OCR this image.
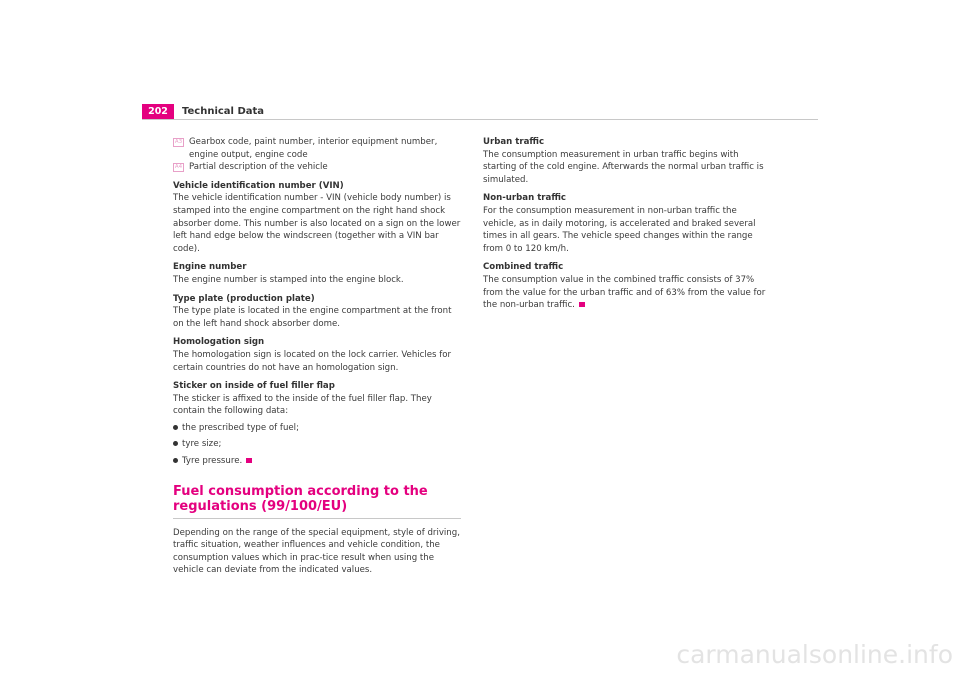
202	Technical Data
A3 Gearbox code, paint number, interior equipment number, engine output, engine code
A4 Partial description of the vehicle

Vehicle identification number (VIN)

The vehicle identification number - VIN (vehicle body number) is stamped into the engine compartment on the right hand shock absorber dome. This number is also located on a sign on the lower left hand edge below the windscreen (together with a VIN bar code).

Engine number

The engine number is stamped into the engine block.

Type plate (production plate)

The type plate is located in the engine compartment at the front on the left hand shock absorber dome.

Homologation sign

The homologation sign is located on the lock carrier. Vehicles for certain countries do not have an homologation sign.

Sticker on inside of fuel filler flap

The sticker is affixed to the inside of the fuel filler flap. They contain the following data:

the prescribed type of fuel;
tyre size;
Tyre pressure.
Fuel consumption according to the regulations (99/100/EU)

Depending on the range of the special equipment, style of driving, traffic situation, weather influences and vehicle condition, the consumption values which in prac-tice result when using the vehicle can deviate from the indicated values.

Urban traffic

The consumption measurement in urban traffic begins with starting of the cold engine. Afterwards the normal urban traffic is simulated.

Non-urban traffic

For the consumption measurement in non-urban traffic the vehicle, as in daily motoring, is accelerated and braked several times in all gears. The vehicle speed changes within the range from 0 to 120 km/h.

Combined traffic

The consumption value in the combined traffic consists of 37% from the value for the urban traffic and of 63% from the value for the non-urban traffic.

carmanualsonline.info
